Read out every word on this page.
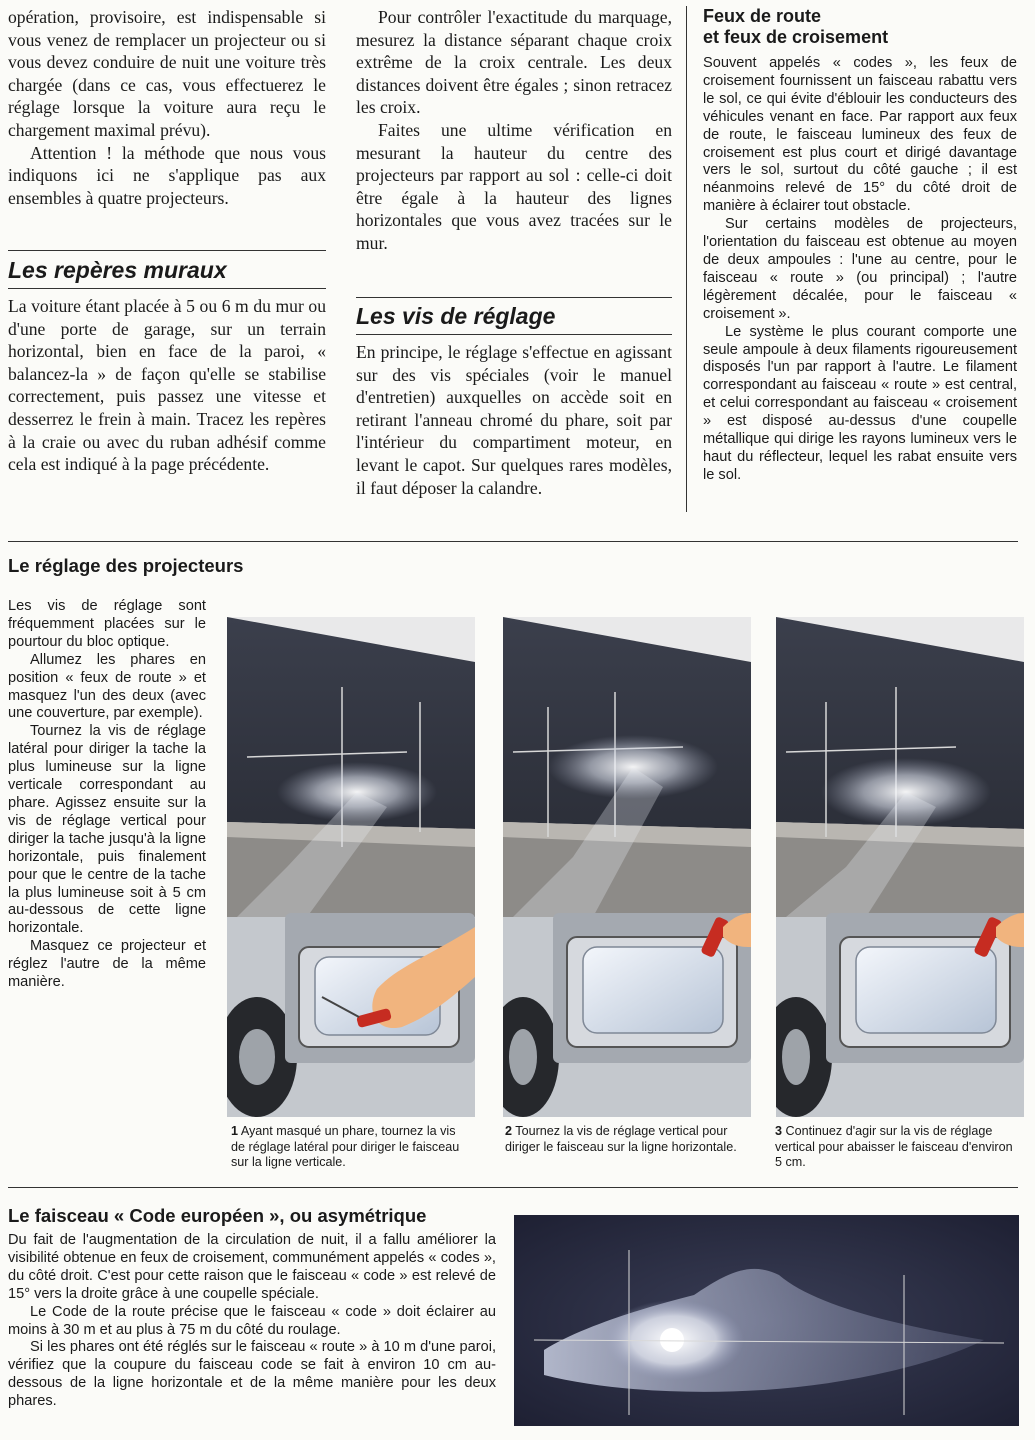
opération, provisoire, est indispensable si vous venez de remplacer un projecteur ou si vous devez conduire de nuit une voiture très chargée (dans ce cas, vous effectuerez le réglage lorsque la voiture aura reçu le chargement maximal prévu).

Attention ! la méthode que nous vous indiquons ici ne s'applique pas aux ensembles à quatre projecteurs.

Les repères muraux

La voiture étant placée à 5 ou 6 m du mur ou d'une porte de garage, sur un terrain horizontal, bien en face de la paroi, « balancez-la » de façon qu'elle se stabilise correctement, puis passez une vitesse et desserrez le frein à main. Tracez les repères à la craie ou avec du ruban adhésif comme cela est indiqué à la page précédente.

Pour contrôler l'exactitude du marquage, mesurez la distance séparant chaque croix extrême de la croix centrale. Les deux distances doivent être égales ; sinon retracez les croix.

Faites une ultime vérification en mesurant la hauteur du centre des projecteurs par rapport au sol : celle-ci doit être égale à la hauteur des lignes horizontales que vous avez tracées sur le mur.

Les vis de réglage

En principe, le réglage s'effectue en agissant sur des vis spéciales (voir le manuel d'entretien) auxquelles on accède soit en retirant l'anneau chromé du phare, soit par l'intérieur du compartiment moteur, en levant le capot. Sur quelques rares modèles, il faut déposer la calandre.

Feux de route
et feux de croisement

Souvent appelés « codes », les feux de croisement fournissent un faisceau rabattu vers le sol, ce qui évite d'éblouir les conducteurs des véhicules venant en face. Par rapport aux feux de route, le faisceau lumineux des feux de croisement est plus court et dirigé davantage vers le sol, surtout du côté gauche ; il est néanmoins relevé de 15° du côté droit de manière à éclairer tout obstacle.

Sur certains modèles de projecteurs, l'orientation du faisceau est obtenue au moyen de deux ampoules : l'une au centre, pour le faisceau « route » (ou principal) ; l'autre légèrement décalée, pour le faisceau « croisement ».

Le système le plus courant comporte une seule ampoule à deux filaments rigoureusement disposés l'un par rapport à l'autre. Le filament correspondant au faisceau « route » est central, et celui correspondant au faisceau « croisement » est disposé au-dessus d'une coupelle métallique qui dirige les rayons lumineux vers le haut du réflecteur, lequel les rabat ensuite vers le sol.

Le réglage des projecteurs

Les vis de réglage sont fréquemment placées sur le pourtour du bloc optique.

Allumez les phares en position « feux de route » et masquez l'un des deux (avec une couverture, par exemple).

Tournez la vis de réglage latéral pour diriger la tache la plus lumineuse sur la ligne verticale correspondant au phare. Agissez ensuite sur la vis de réglage vertical pour diriger la tache jusqu'à la ligne horizontale, puis finalement pour que le centre de la tache la plus lumineuse soit à 5 cm au-dessous de cette ligne horizontale.

Masquez ce projecteur et réglez l'autre de la même manière.

1 Ayant masqué un phare, tournez la vis de réglage latéral pour diriger le faisceau sur la ligne verticale.
2 Tournez la vis de réglage vertical pour diriger le faisceau sur la ligne horizontale.
3 Continuez d'agir sur la vis de réglage vertical pour abaisser le faisceau d'environ 5 cm.
Le faisceau « Code européen », ou asymétrique

Du fait de l'augmentation de la circulation de nuit, il a fallu améliorer la visibilité obtenue en feux de croisement, communément appelés « codes », du côté droit. C'est pour cette raison que le faisceau « code » est relevé de 15° vers la droite grâce à une coupelle spéciale.

Le Code de la route précise que le faisceau « code » doit éclairer au moins à 30 m et au plus à 75 m du côté du roulage.

Si les phares ont été réglés sur le faisceau « route » à 10 m d'une paroi, vérifiez que la coupure du faisceau code se fait à environ 10 cm au-dessous de la ligne horizontale et de la même manière pour les deux phares.
